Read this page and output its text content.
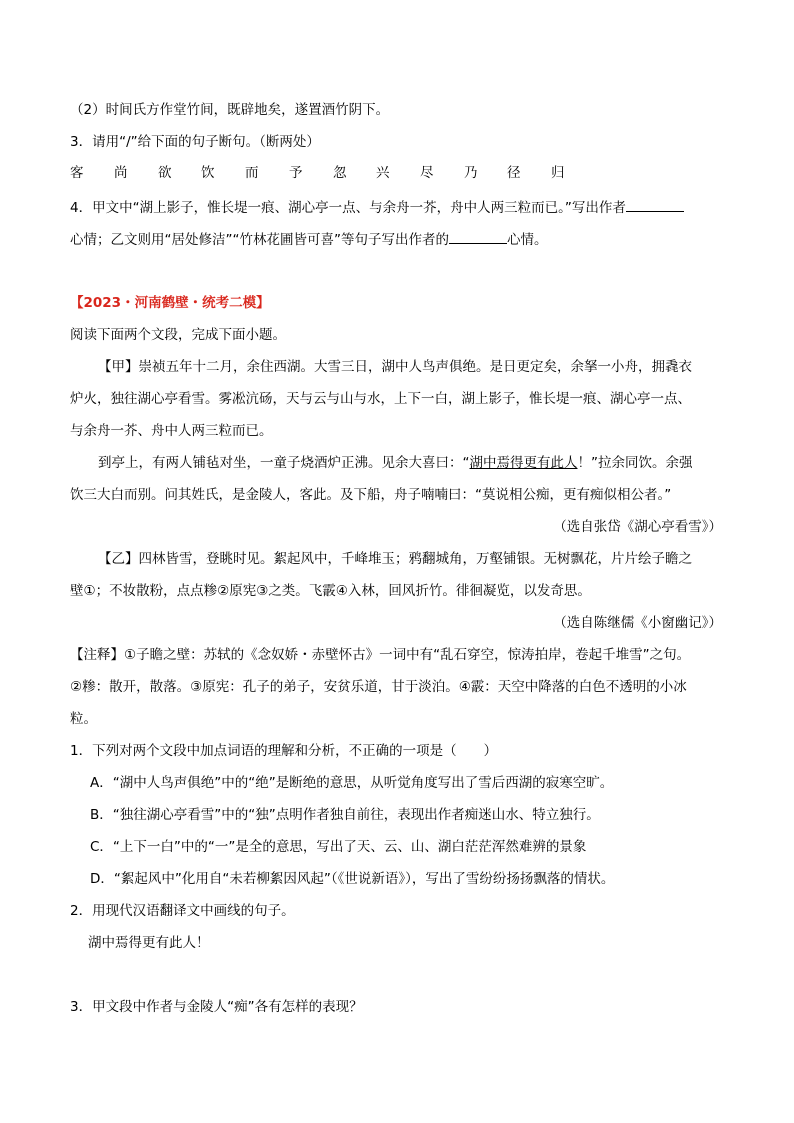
（2）时间氏方作堂竹间，既辟地矣，遂置酒竹阴下。
3．请用“/”给下面的句子断句。（断两处）
客 尚 欲 饮 而 予 忽 兴 尽 乃 径 归
4．甲文中“湖上影子，惟长堤一痕、湖心亭一点、与余舟一芥，舟中人两三粒而已。”写出作者
心情；乙文则用“居处修洁”“竹林花圃皆可喜”等句子写出作者的	心情。
【2023・河南鹤壁・统考二模】
阅读下面两个文段，完成下面小题。
【甲】崇祯五年十二月，余住西湖。大雪三日，湖中人鸟声俱绝。是日更定矣，余拏一小舟，拥毳衣
炉火，独往湖心亭看雪。雾凇沆砀，天与云与山与水，上下一白，湖上影子，惟长堤一痕、湖心亭一点、
与余舟一芥、舟中人两三粒而已。
到亭上，有两人铺毡对坐，一童子烧酒炉正沸。见余大喜曰：“湖中焉得更有此人！”拉余同饮。余强
饮三大白而别。问其姓氏，是金陵人，客此。及下船，舟子喃喃曰：“莫说相公痴，更有痴似相公者。”
（选自张岱《湖心亭看雪》）
【乙】四林皆雪，登眺时见。絮起风中，千峰堆玉；鸦翻城角，万壑铺银。无树飘花，片片绘子瞻之
壁①；不妆散粉，点点糁②原宪③之类。飞霰④入林，回风折竹。徘徊凝览，以发奇思。
（选自陈继儒《小窗幽记》）
【注释】①子瞻之壁：苏轼的《念奴娇・赤壁怀古》一词中有“乱石穿空，惊涛拍岸，卷起千堆雪”之句。
②糁：散开，散落。③原宪：孔子的弟子，安贫乐道，甘于淡泊。④霰：天空中降落的白色不透明的小冰
粒。
1．下列对两个文段中加点词语的理解和分析，不正确的一项是（　　）
A．“湖中人鸟声俱绝”中的“绝”是断绝的意思，从听觉角度写出了雪后西湖的寂寒空旷。
B．“独往湖心亭看雪”中的“独”点明作者独自前往，表现出作者痴迷山水、特立独行。
C．“上下一白”中的“一”是全的意思，写出了天、云、山、湖白茫茫浑然难辨的景象
D．“絮起风中”化用自“未若柳絮因风起”（《世说新语》），写出了雪纷纷扬扬飘落的情状。
2．用现代汉语翻译文中画线的句子。
湖中焉得更有此人！
3．甲文段中作者与金陵人“痴”各有怎样的表现？
